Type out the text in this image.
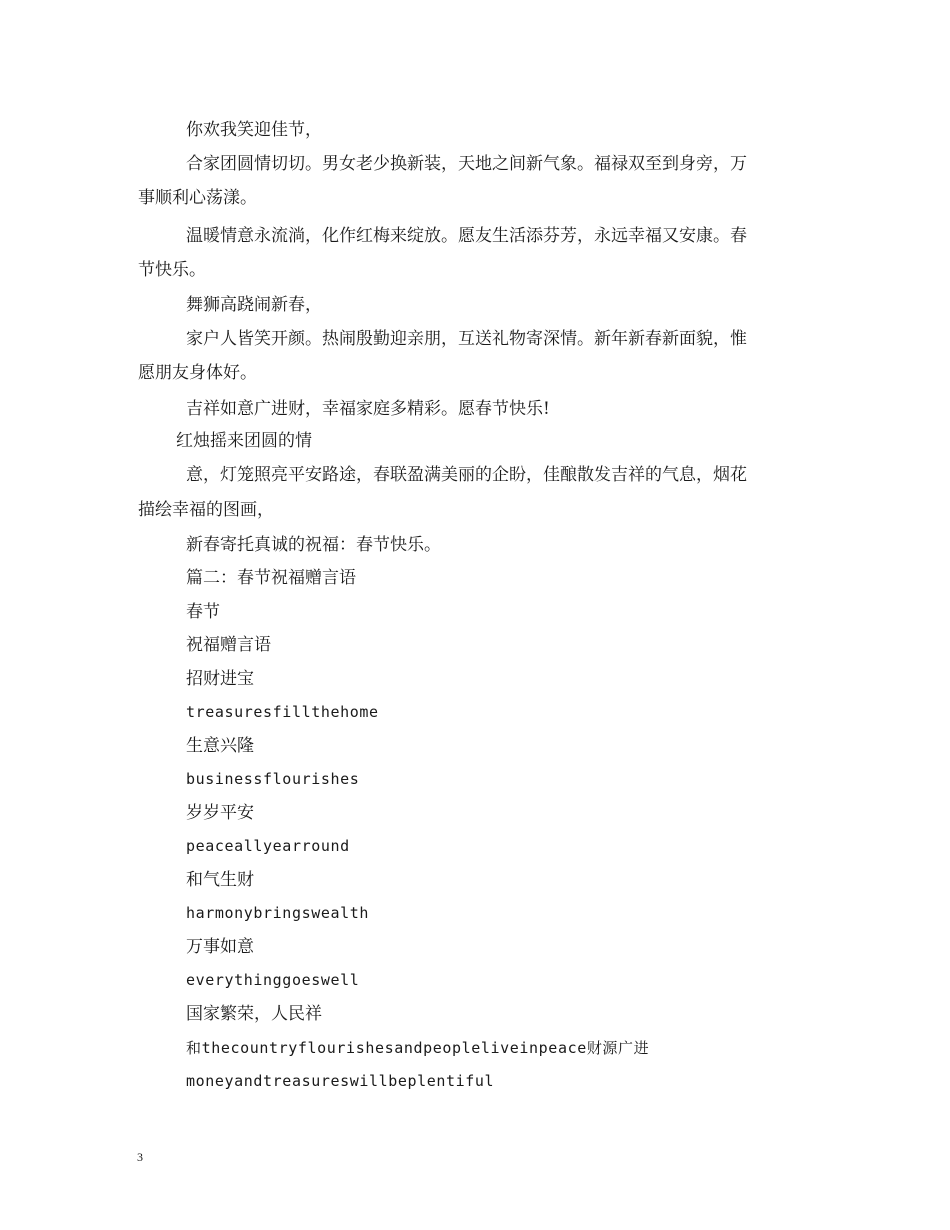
你欢我笑迎佳节，
合家团圆情切切。男女老少换新装，天地之间新气象。福禄双至到身旁，万
事顺利心荡漾。
温暖情意永流淌，化作红梅来绽放。愿友生活添芬芳，永远幸福又安康。春
节快乐。
舞狮高跷闹新春，
家户人皆笑开颜。热闹殷勤迎亲朋，互送礼物寄深情。新年新春新面貌，惟
愿朋友身体好。
吉祥如意广进财，幸福家庭多精彩。愿春节快乐!
红烛摇来团圆的情
意，灯笼照亮平安路途，春联盈满美丽的企盼，佳酿散发吉祥的气息，烟花
描绘幸福的图画，
新春寄托真诚的祝福：春节快乐。
篇二：春节祝福赠言语
春节
祝福赠言语
招财进宝
treasuresfillthehome
生意兴隆
businessflourishes
岁岁平安
peaceallyearround
和气生财
harmonybringswealth
万事如意
everythinggoeswell
国家繁荣，人民祥
和thecountryflourishesandpeopleliveinpeace财源广进
moneyandtreasureswillbeplentiful
3
